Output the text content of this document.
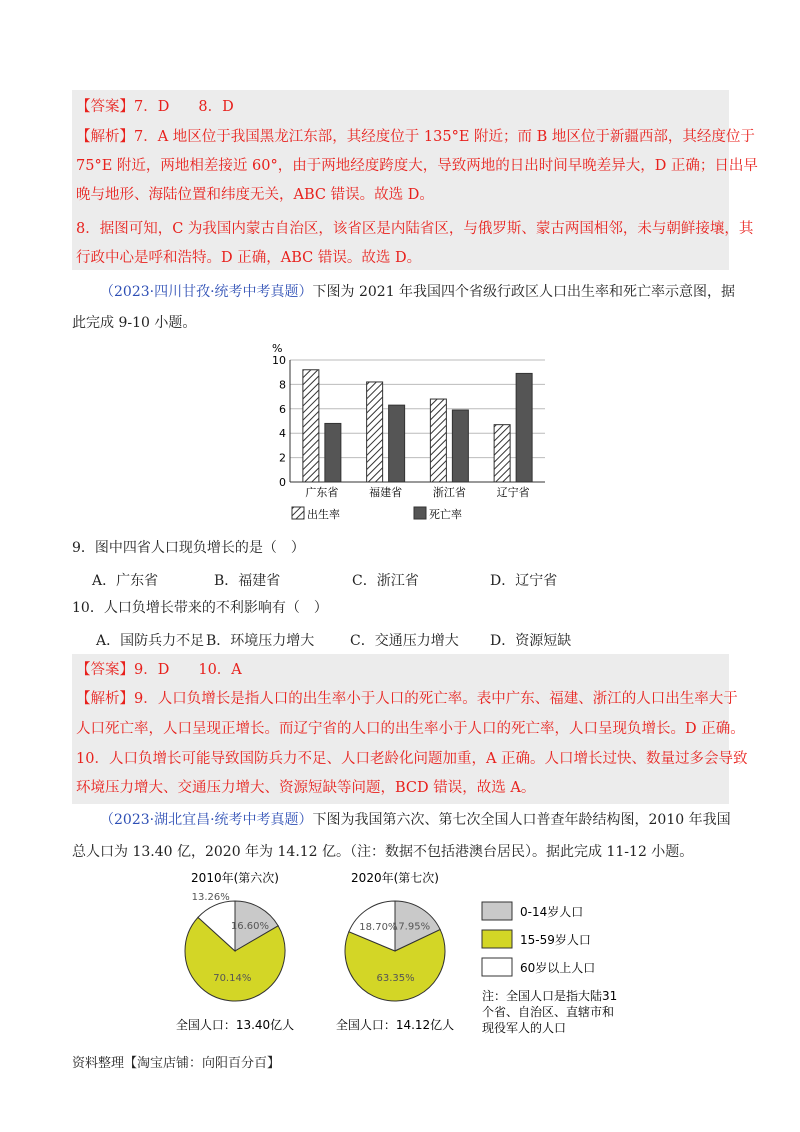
【答案】7．D　　8．D
【解析】7．A 地区位于我国黑龙江东部，其经度位于 135°E 附近；而 B 地区位于新疆西部，其经度位于
75°E 附近，两地相差接近 60°，由于两地经度跨度大，导致两地的日出时间早晚差异大，D 正确；日出早
晚与地形、海陆位置和纬度无关，ABC 错误。故选 D。
8．据图可知，C 为我国内蒙古自治区，该省区是内陆省区，与俄罗斯、蒙古两国相邻，未与朝鲜接壤，其
行政中心是呼和浩特。D 正确，ABC 错误。故选 D。
（2023·四川甘孜·统考中考真题）下图为 2021 年我国四个省级行政区人口出生率和死亡率示意图，据
此完成 9-10 小题。
0
2
4
6
8
10
广东省	福建省	浙江省	辽宁省
%
出生率	死亡率
9．图中四省人口现负增长的是（　）
A．广东省	B．福建省	C．浙江省	D．辽宁省
10．人口负增长带来的不利影响有（　）
A．国防兵力不足 B．环境压力增大	C．交通压力增大 D．资源短缺
【答案】9．D　　10．A
【解析】9．人口负增长是指人口的出生率小于人口的死亡率。表中广东、福建、浙江的人口出生率大于
人口死亡率，人口呈现正增长。而辽宁省的人口的出生率小于人口的死亡率，人口呈现负增长。D 正确。
10．人口负增长可能导致国防兵力不足、人口老龄化问题加重，A 正确。人口增长过快、数量过多会导致
环境压力增大、交通压力增大、资源短缺等问题，BCD 错误，故选 A。
（2023·湖北宜昌·统考中考真题）下图为我国第六次、第七次全国人口普查年龄结构图，2010 年我国
总人口为 13.40 亿，2020 年为 14.12 亿。（注：数据不包括港澳台居民）。据此完成 11-12 小题。
2010年(第六次)
16.60%
70.14%
13.26%
全国人口：13.40亿人
2020年(第七次)
17.95%
63.35%
18.70%
全国人口：14.12亿人
0-14岁人口
15-59岁人口
60岁以上人口
注：全国人口是指大陆31
个省、自治区、直辖市和
现役军人的人口
资料整理【淘宝店铺：向阳百分百】
